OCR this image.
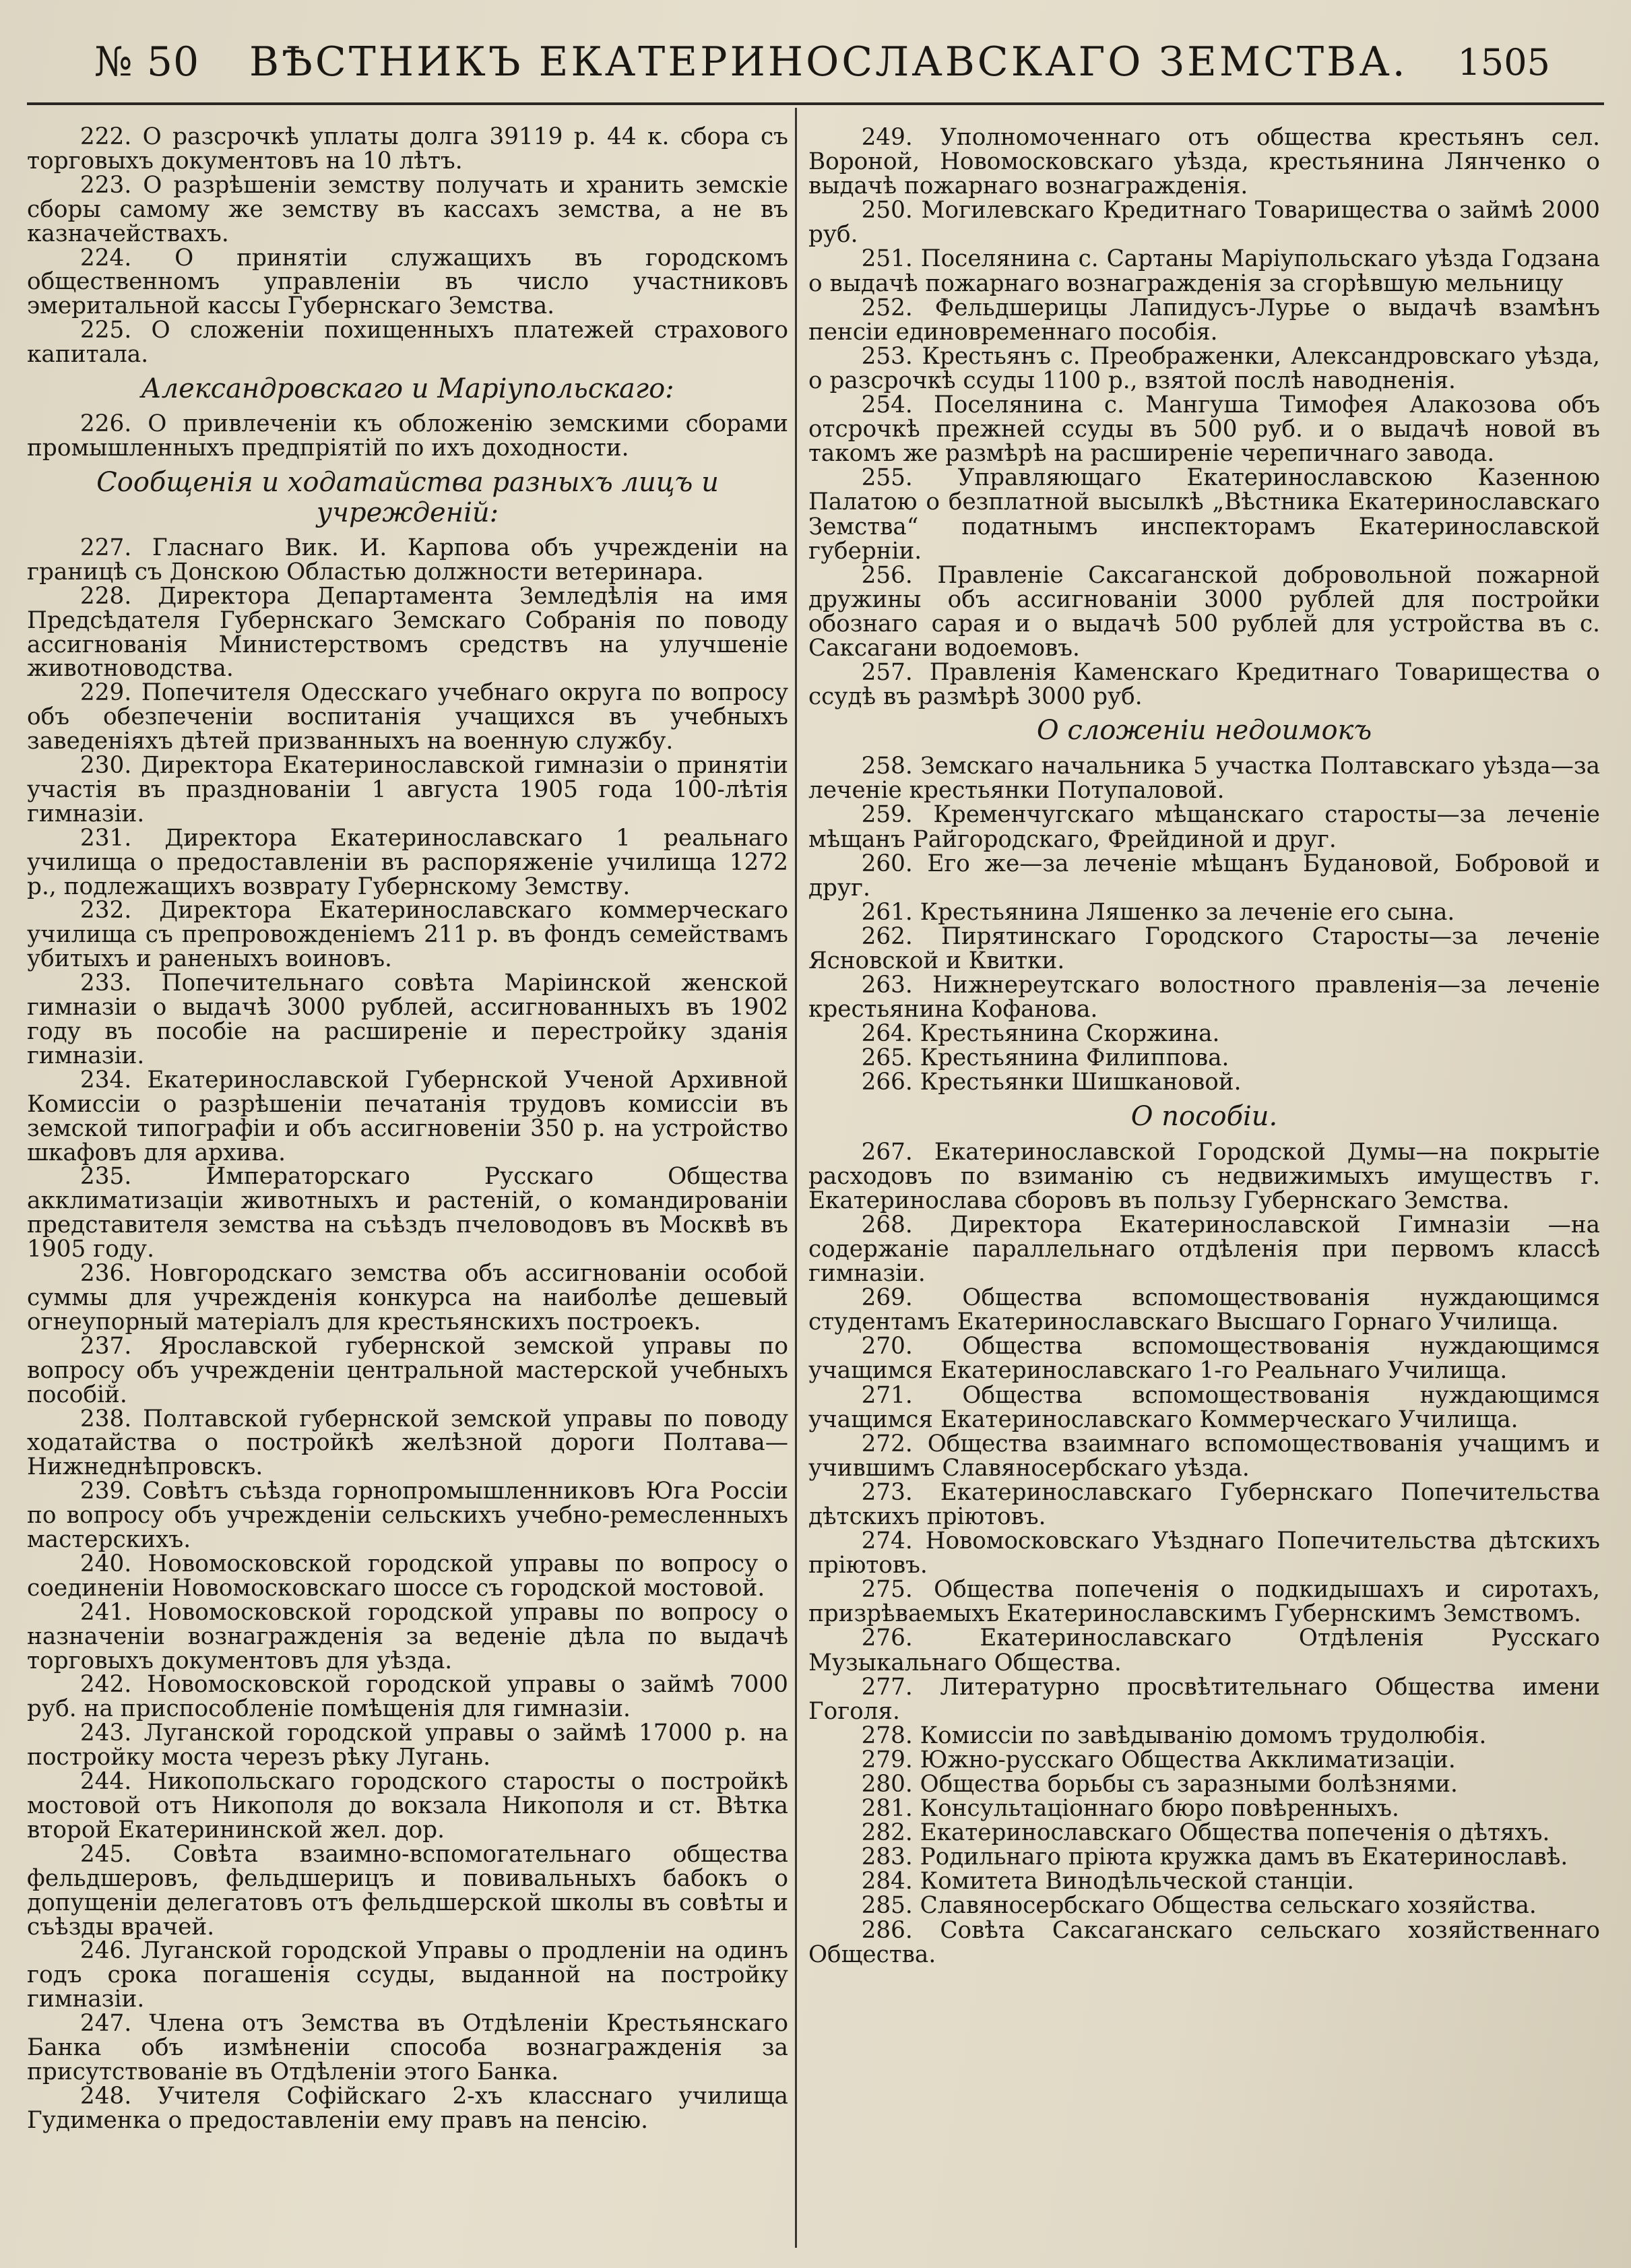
№ 50 ВѢСТНИКЪ ЕКАТЕРИНОСЛАВСКАГО ЗЕМСТВА. 1505
222. О разсрочкѣ уплаты долга 39119 р. 44 к. сбора съ торговыхъ документовъ на 10 лѣтъ.
223. О разрѣшеніи земству получать и хранить земскіе сборы самому же земству въ кассахъ земства, а не въ казначействахъ.
224. О принятіи служащихъ въ городскомъ общественномъ управленіи въ число участниковъ эмеритальной кассы Губернскаго Земства.
225. О сложеніи похищенныхъ платежей страхового капитала.
Александровскаго и Маріупольскаго:
226. О привлеченіи къ обложенію земскими сборами промышленныхъ предпріятій по ихъ доходности.
Сообщенія и ходатайства разныхъ лицъ и учрежденій:
227. Гласнаго Вик. И. Карпова объ учрежденіи на границѣ съ Донскою Областью должности ветеринара.
228. Директора Департамента Земледѣлія на имя Предсѣдателя Губернскаго Земскаго Собранія по поводу ассигнованія Министерствомъ средствъ на улучшеніе животноводства.
229. Попечителя Одесскаго учебнаго округа по вопросу объ обезпеченіи воспитанія учащихся въ учебныхъ заведеніяхъ дѣтей призванныхъ на военную службу.
230. Директора Екатеринославской гимназіи о принятіи участія въ празднованіи 1 августа 1905 года 100-лѣтія гимназіи.
231. Директора Екатеринославскаго 1 реальнаго училища о предоставленіи въ распоряженіе училища 1272 р., подлежащихъ возврату Губернскому Земству.
232. Директора Екатеринославскаго коммерческаго училища съ препровожденіемъ 211 р. въ фондъ семействамъ убитыхъ и раненыхъ воиновъ.
233. Попечительнаго совѣта Маріинской женской гимназіи о выдачѣ 3000 рублей, ассигнованныхъ въ 1902 году въ пособіе на расширеніе и перестройку зданія гимназіи.
234. Екатеринославской Губернской Ученой Архивной Комиссіи о разрѣшеніи печатанія трудовъ комиссіи въ земской типографіи и объ ассигновеніи 350 р. на устройство шкафовъ для архива.
235. Императорскаго Русскаго Общества акклиматизаціи животныхъ и растеній, о командированіи представителя земства на съѣздъ пчеловодовъ въ Москвѣ въ 1905 году.
236. Новгородскаго земства объ ассигнованіи особой суммы для учрежденія конкурса на наиболѣе дешевый огнеупорный матеріалъ для крестьянскихъ построекъ.
237. Ярославской губернской земской управы по вопросу объ учрежденіи центральной мастерской учебныхъ пособій.
238. Полтавской губернской земской управы по поводу ходатайства о постройкѣ желѣзной дороги Полтава—Нижнеднѣпровскъ.
239. Совѣтъ съѣзда горнопромышленниковъ Юга Россіи по вопросу объ учрежденіи сельскихъ учебно-ремесленныхъ мастерскихъ.
240. Новомосковской городской управы по вопросу о соединеніи Новомосковскаго шоссе съ городской мостовой.
241. Новомосковской городской управы по вопросу о назначеніи вознагражденія за веденіе дѣла по выдачѣ торговыхъ документовъ для уѣзда.
242. Новомосковской городской управы о займѣ 7000 руб. на приспособленіе помѣщенія для гимназіи.
243. Луганской городской управы о займѣ 17000 р. на постройку моста черезъ рѣку Лугань.
244. Никопольскаго городского старосты о постройкѣ мостовой отъ Никополя до вокзала Никополя и ст. Вѣтка второй Екатерининской жел. дор.
245. Совѣта взаимно-вспомогательнаго общества фельдшеровъ, фельдшерицъ и повивальныхъ бабокъ о допущеніи делегатовъ отъ фельдшерской школы въ совѣты и съѣзды врачей.
246. Луганской городской Управы о продленіи на одинъ годъ срока погашенія ссуды, выданной на постройку гимназіи.
247. Члена отъ Земства въ Отдѣленіи Крестьянскаго Банка объ измѣненіи способа вознагражденія за присутствованіе въ Отдѣленіи этого Банка.
248. Учителя Софійскаго 2-хъ класснаго училища Гудименка о предоставленіи ему правъ на пенсію.
249. Уполномоченнаго отъ общества крестьянъ сел. Вороной, Новомосковскаго уѣзда, крестьянина Лянченко о выдачѣ пожарнаго вознагражденія.
250. Могилевскаго Кредитнаго Товарищества о займѣ 2000 руб.
251. Поселянина с. Сартаны Маріупольскаго уѣзда Годзана о выдачѣ пожарнаго вознагражденія за сгорѣвшую мельницу
252. Фельдшерицы Лапидусъ-Лурье о выдачѣ взамѣнъ пенсіи единовременнаго пособія.
253. Крестьянъ с. Преображенки, Александровскаго уѣзда, о разсрочкѣ ссуды 1100 р., взятой послѣ наводненія.
254. Поселянина с. Мангуша Тимофея Алакозова объ отсрочкѣ прежней ссуды въ 500 руб. и о выдачѣ новой въ такомъ же размѣрѣ на расширеніе черепичнаго завода.
255. Управляющаго Екатеринославскою Казенною Палатою о безплатной высылкѣ „Вѣстника Екатеринославскаго Земства“ податнымъ инспекторамъ Екатеринославской губерніи.
256. Правленіе Саксаганской добровольной пожарной дружины объ ассигнованіи 3000 рублей для постройки обознаго сарая и о выдачѣ 500 рублей для устройства въ с. Саксагани водоемовъ.
257. Правленія Каменскаго Кредитнаго Товарищества о ссудѣ въ размѣрѣ 3000 руб.
О сложеніи недоимокъ
258. Земскаго начальника 5 участка Полтавскаго уѣзда—за леченіе крестьянки Потупаловой.
259. Кременчугскаго мѣщанскаго старосты—за леченіе мѣщанъ Райгородскаго, Фрейдиной и друг.
260. Его же—за леченіе мѣщанъ Будановой, Бобровой и друг.
261. Крестьянина Ляшенко за леченіе его сына.
262. Пирятинскаго Городского Старосты—за леченіе Ясновской и Квитки.
263. Нижнереутскаго волостного правленія—за леченіе крестьянина Кофанова.
264. Крестьянина Скоржина.
265. Крестьянина Филиппова.
266. Крестьянки Шишкановой.
О пособіи.
267. Екатеринославской Городской Думы—на покрытіе расходовъ по взиманію съ недвижимыхъ имуществъ г. Екатеринослава сборовъ въ пользу Губернскаго Земства.
268. Директора Екатеринославской Гимназіи —на содержаніе параллельнаго отдѣленія при первомъ классѣ гимназіи.
269. Общества вспомоществованія нуждающимся студентамъ Екатеринославскаго Высшаго Горнаго Училища.
270. Общества вспомоществованія нуждающимся учащимся Екатеринославскаго 1-го Реальнаго Училища.
271. Общества вспомоществованія нуждающимся учащимся Екатеринославскаго Коммерческаго Училища.
272. Общества взаимнаго вспомоществованія учащимъ и учившимъ Славяносербскаго уѣзда.
273. Екатеринославскаго Губернскаго Попечительства дѣтскихъ пріютовъ.
274. Новомосковскаго Уѣзднаго Попечительства дѣтскихъ пріютовъ.
275. Общества попеченія о подкидышахъ и сиротахъ, призрѣваемыхъ Екатеринославскимъ Губернскимъ Земствомъ.
276. Екатеринославскаго Отдѣленія Русскаго Музыкальнаго Общества.
277. Литературно просвѣтительнаго Общества имени Гоголя.
278. Комиссіи по завѣдыванію домомъ трудолюбія.
279. Южно-русскаго Общества Акклиматизаціи.
280. Общества борьбы съ заразными болѣзнями.
281. Консультаціоннаго бюро повѣренныхъ.
282. Екатеринославскаго Общества попеченія о дѣтяхъ.
283. Родильнаго пріюта кружка дамъ въ Екатеринославѣ.
284. Комитета Винодѣльческой станціи.
285. Славяносербскаго Общества сельскаго хозяйства.
286. Совѣта Саксаганскаго сельскаго хозяйственнаго Общества.
